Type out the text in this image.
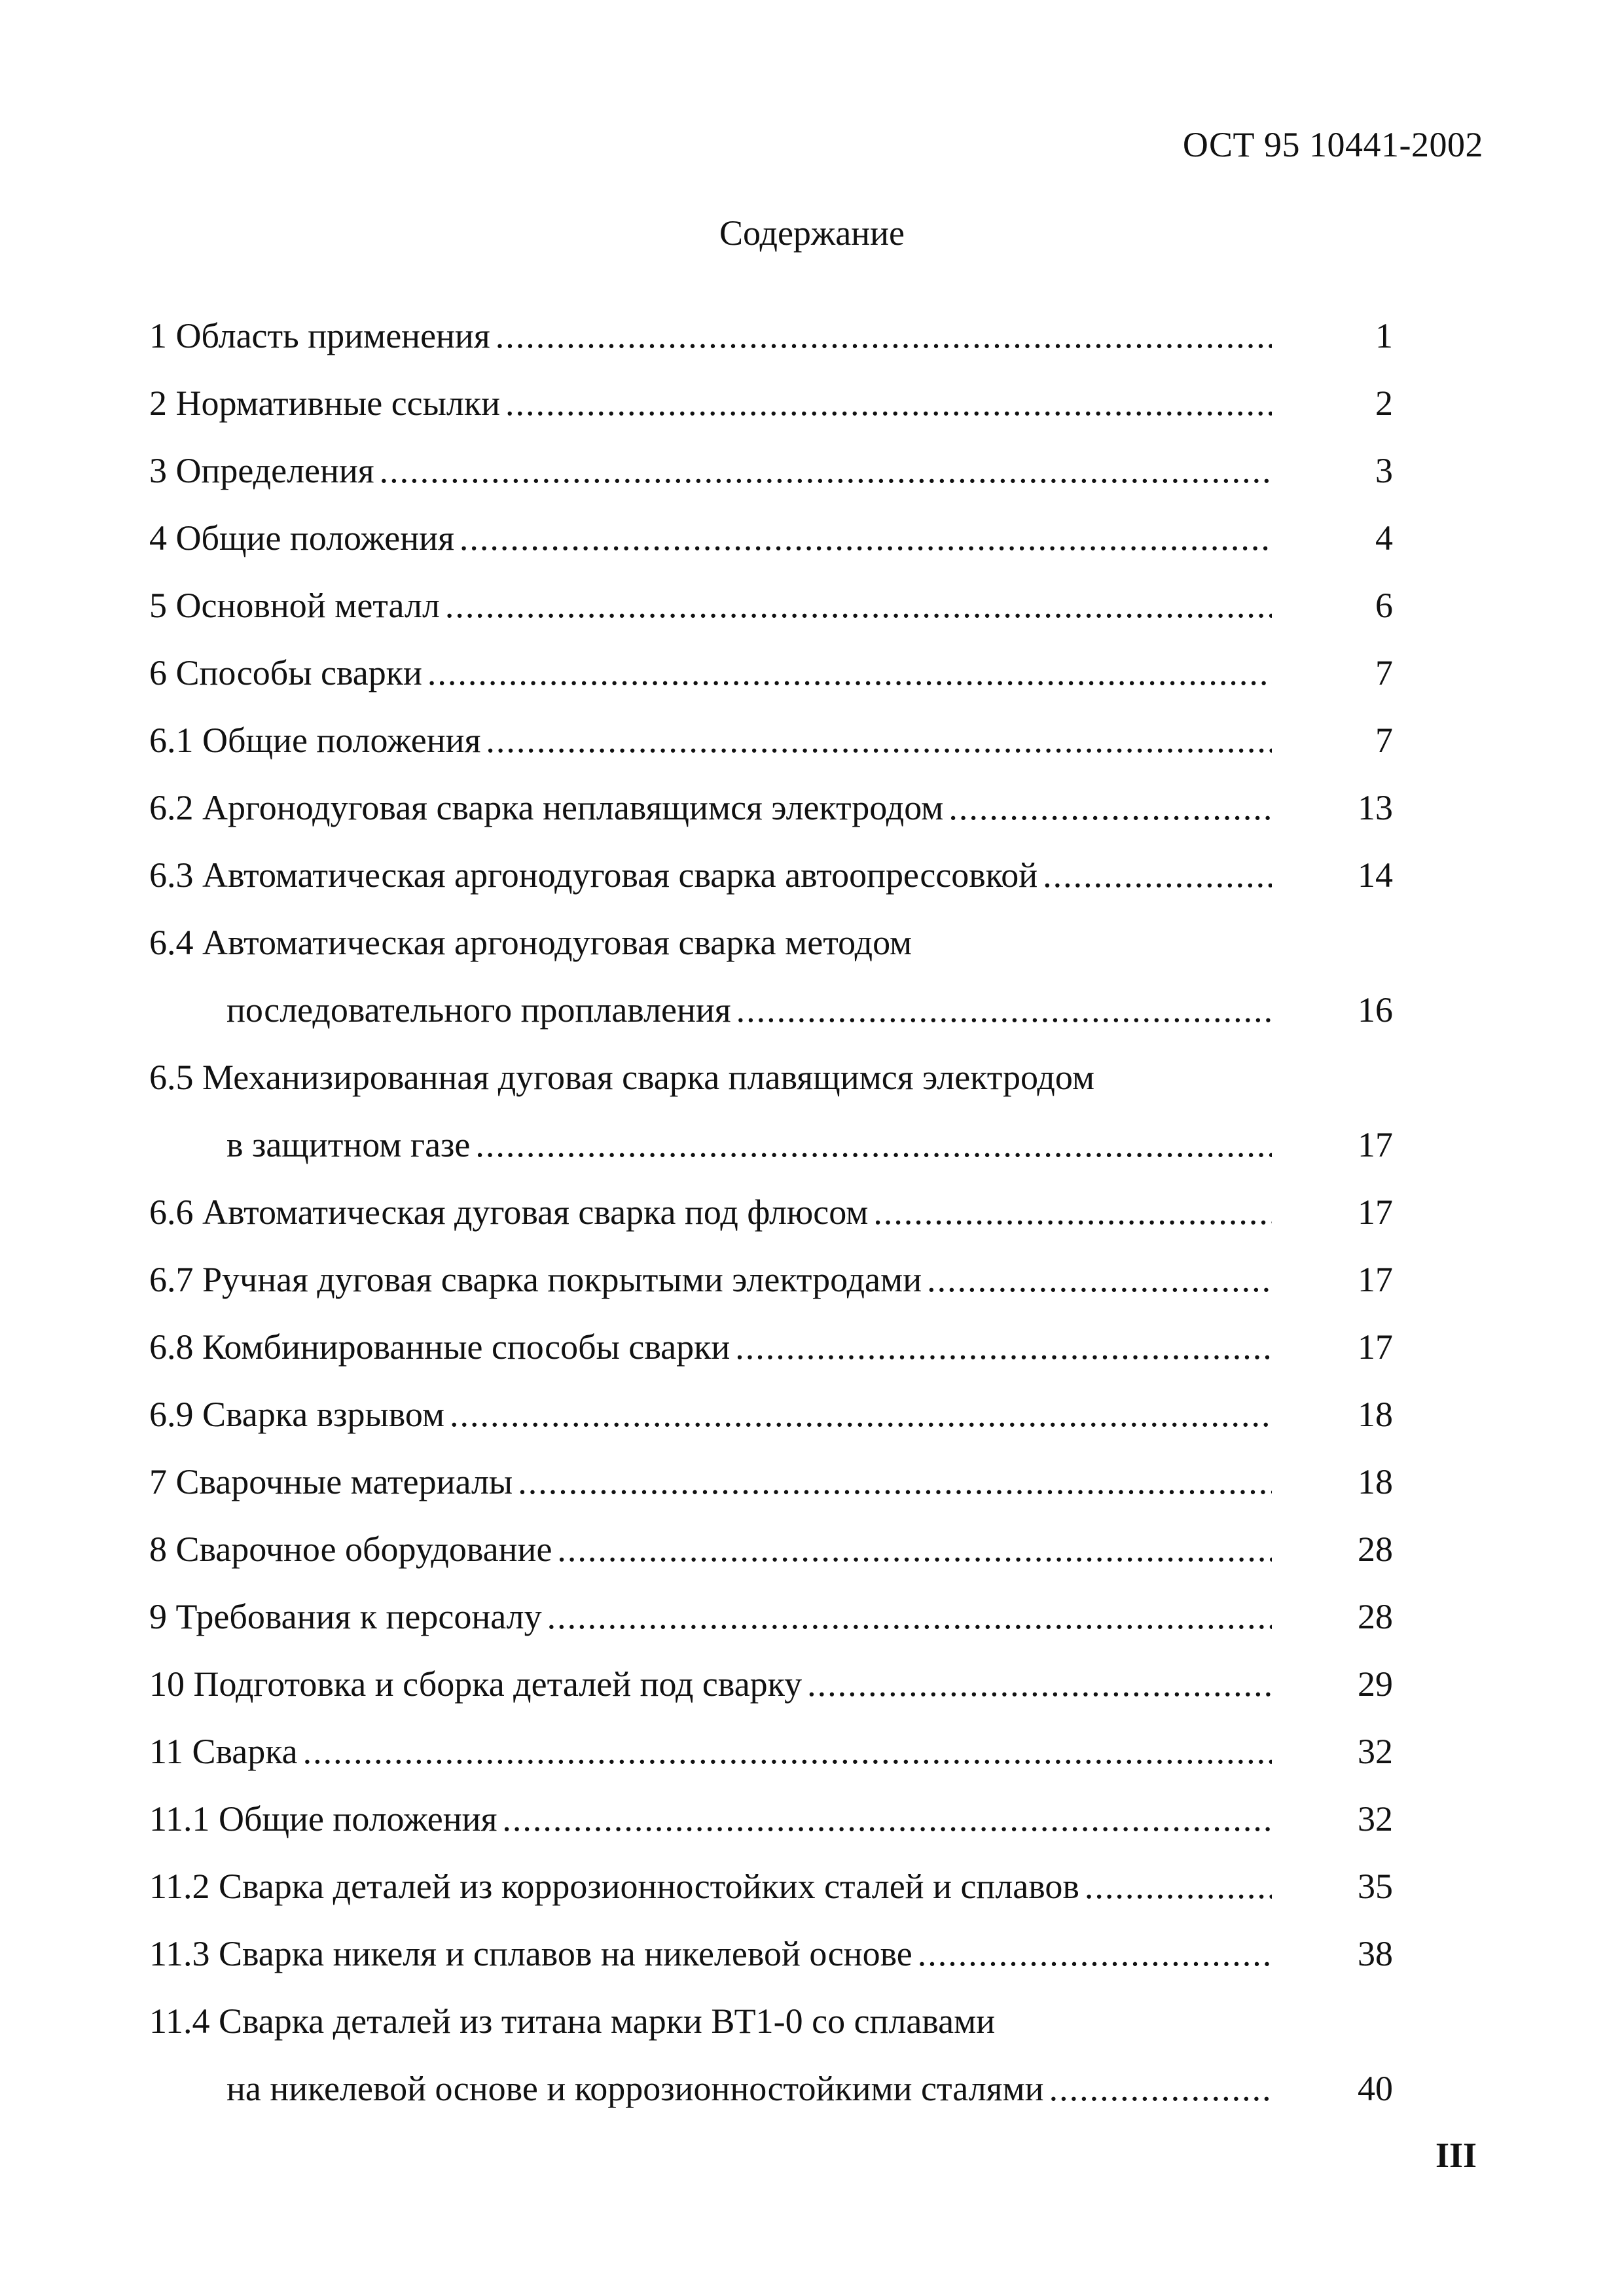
ОСТ 95 10441-2002
Содержание
1 Область применения .....	1
2 Нормативные ссылки .....	2
3 Определения .....	3
4 Общие положения .....	4
5 Основной металл .....	6
6 Способы сварки .....	7
6.1 Общие положения .....	7
6.2 Аргонодуговая сварка неплавящимся электродом .....	13
6.3 Автоматическая аргонодуговая сварка автоопрессовкой .....	14
6.4 Автоматическая аргонодуговая сварка методом
последовательного проплавления .....	16
6.5 Механизированная дуговая сварка плавящимся электродом
в защитном газе .....	17
6.6 Автоматическая дуговая сварка под флюсом .....	17
6.7 Ручная дуговая сварка покрытыми электродами .....	17
6.8 Комбинированные способы сварки .....	17
6.9 Сварка взрывом .....	18
7 Сварочные материалы .....	18
8 Сварочное оборудование .....	28
9 Требования к персоналу .....	28
10 Подготовка и сборка деталей под сварку .....	29
11 Сварка .....	32
11.1 Общие положения .....	32
11.2 Сварка деталей из коррозионностойких сталей и сплавов .....	35
11.3 Сварка никеля и сплавов на никелевой основе .....	38
11.4 Сварка деталей из титана марки ВТ1-0 со сплавами
на никелевой основе и коррозионностойкими сталями .....	40
III
